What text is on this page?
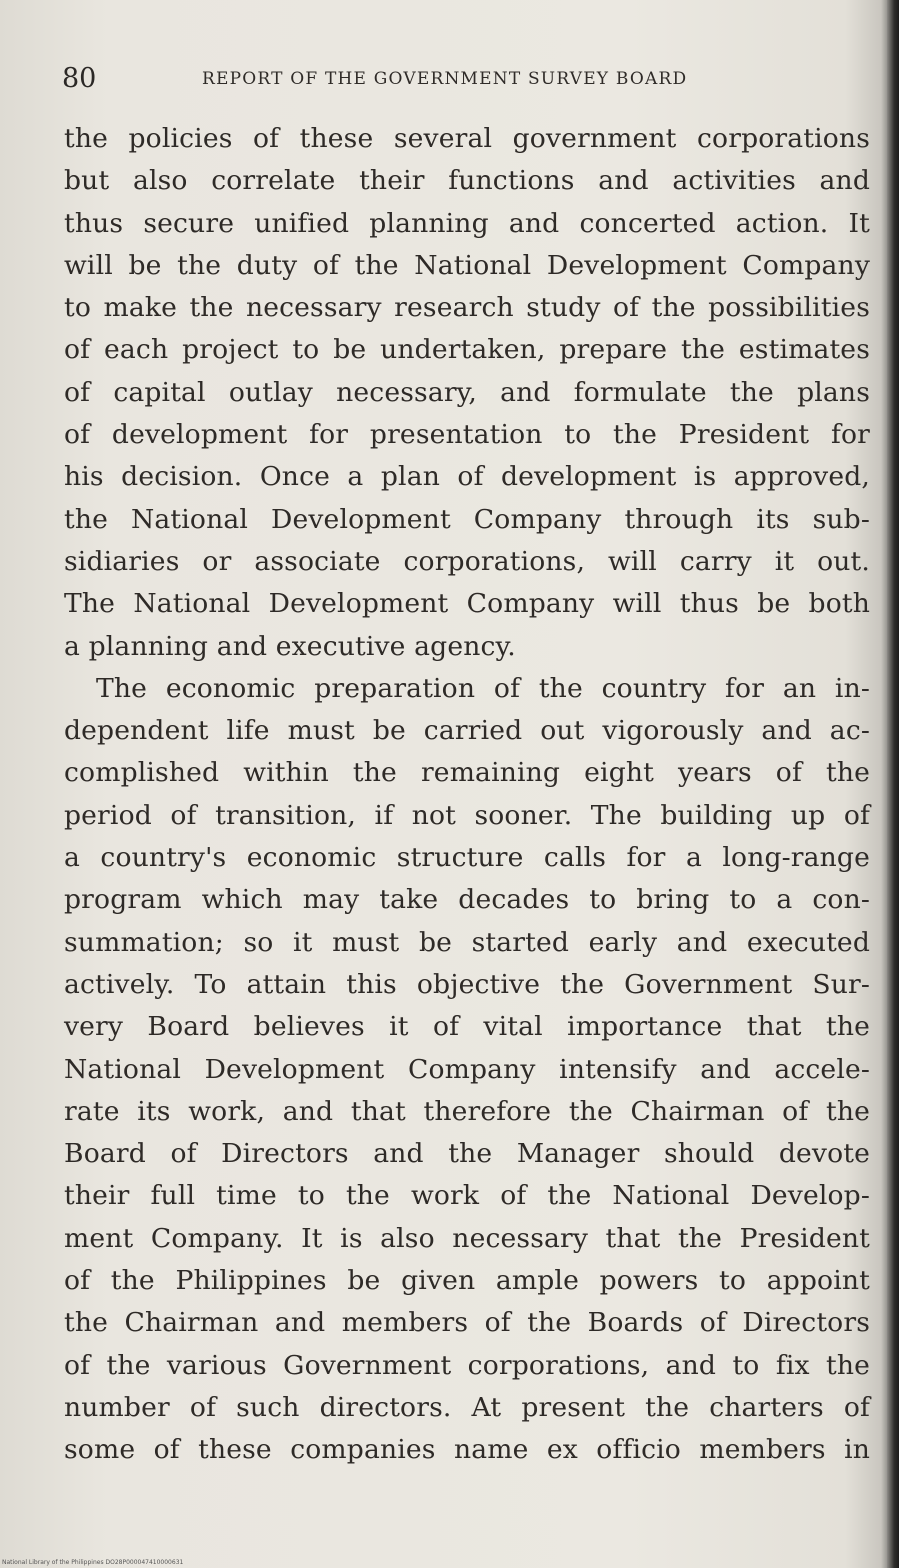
80	REPORT OF THE GOVERNMENT SURVEY BOARD
the policies of these several government corporations
but also correlate their functions and activities and
thus secure unified planning and concerted action. It
will be the duty of the National Development Company
to make the necessary research study of the possibilities
of each project to be undertaken, prepare the estimates
of capital outlay necessary, and formulate the plans
of development for presentation to the President for
his decision. Once a plan of development is approved,
the National Development Company through its sub-
sidiaries or associate corporations, will carry it out.
The National Development Company will thus be both
a planning and executive agency.
The economic preparation of the country for an in-
dependent life must be carried out vigorously and ac-
complished within the remaining eight years of the
period of transition, if not sooner. The building up of
a country's economic structure calls for a long-range
program which may take decades to bring to a con-
summation; so it must be started early and executed
actively. To attain this objective the Government Sur-
very Board believes it of vital importance that the
National Development Company intensify and accele-
rate its work, and that therefore the Chairman of the
Board of Directors and the Manager should devote
their full time to the work of the National Develop-
ment Company. It is also necessary that the President
of the Philippines be given ample powers to appoint
the Chairman and members of the Boards of Directors
of the various Government corporations, and to fix the
number of such directors. At present the charters of
some of these companies name ex officio members in
National Library of the Philippines DO28P000047410000631
